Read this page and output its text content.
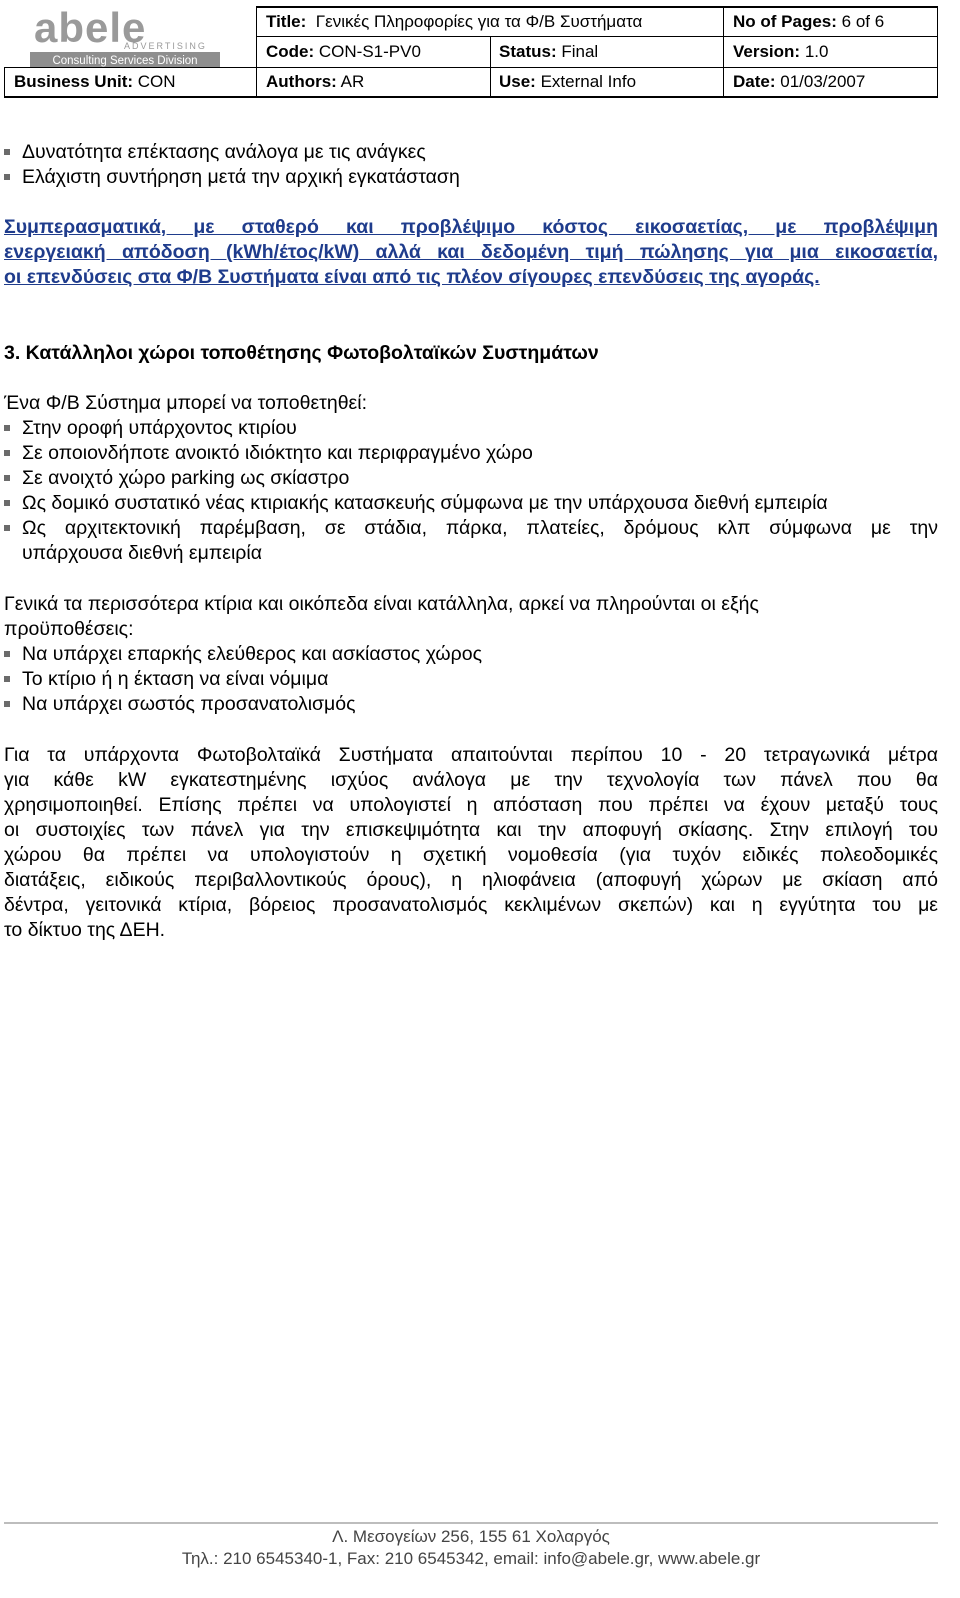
abele
ADVERTISING
Consulting Services Division
Title: Γενικές Πληροφορίες για τα Φ/Β Συστήματα	No of Pages: 6 of 6
Code: CON-S1-PV0	Status: Final	Version: 1.0
Business Unit: CON	Authors: AR	Use: External Info	Date: 01/03/2007
Δυνατότητα επέκτασης ανάλογα με τις ανάγκες
Ελάχιστη συντήρηση μετά την αρχική εγκατάσταση
Συμπερασματικά, με σταθερό και προβλέψιμο κόστος εικοσαετίας, με προβλέψιμη
ενεργειακή απόδοση (kWh/έτος/kW) αλλά και δεδομένη τιμή πώλησης για μια εικοσαετία,
οι επενδύσεις στα Φ/Β Συστήματα είναι από τις πλέον σίγουρες επενδύσεις της αγοράς.
3. Κατάλληλοι χώροι τοποθέτησης Φωτοβολταϊκών Συστημάτων
Ένα Φ/Β Σύστημα μπορεί να τοποθετηθεί:
Στην οροφή υπάρχοντος κτιρίου
Σε οποιονδήποτε ανοικτό ιδιόκτητο και περιφραγμένο χώρο
Σε ανοιχτό χώρο parking ως σκίαστρο
Ως δομικό συστατικό νέας κτιριακής κατασκευής σύμφωνα με την υπάρχουσα διεθνή εμπειρία
Ως αρχιτεκτονική παρέμβαση, σε στάδια, πάρκα, πλατείες, δρόμους κλπ σύμφωνα με την
υπάρχουσα διεθνή εμπειρία
Γενικά τα περισσότερα κτίρια και οικόπεδα είναι κατάλληλα, αρκεί να πληρούνται οι εξής
προϋποθέσεις:
Να υπάρχει επαρκής ελεύθερος και ασκίαστος χώρος
Το κτίριο ή η έκταση να είναι νόμιμα
Να υπάρχει σωστός προσανατολισμός
Για τα υπάρχοντα Φωτοβολταϊκά Συστήματα απαιτούνται περίπου 10 - 20 τετραγωνικά μέτρα
για κάθε kW εγκατεστημένης ισχύος ανάλογα με την τεχνολογία των πάνελ που θα
χρησιμοποιηθεί. Επίσης πρέπει να υπολογιστεί η απόσταση που πρέπει να έχουν μεταξύ τους
οι συστοιχίες των πάνελ για την επισκεψιμότητα και την αποφυγή σκίασης. Στην επιλογή του
χώρου θα πρέπει να υπολογιστούν η σχετική νομοθεσία (για τυχόν ειδικές πολεοδομικές
διατάξεις, ειδικούς περιβαλλοντικούς όρους), η ηλιοφάνεια (αποφυγή χώρων με σκίαση από
δέντρα, γειτονικά κτίρια, βόρειος προσανατολισμός κεκλιμένων σκεπών) και η εγγύτητα του με
το δίκτυο της ΔΕΗ.
Λ. Μεσογείων 256, 155 61 Χολαργός
Τηλ.: 210 6545340-1, Fax: 210 6545342, email: info@abele.gr, www.abele.gr
